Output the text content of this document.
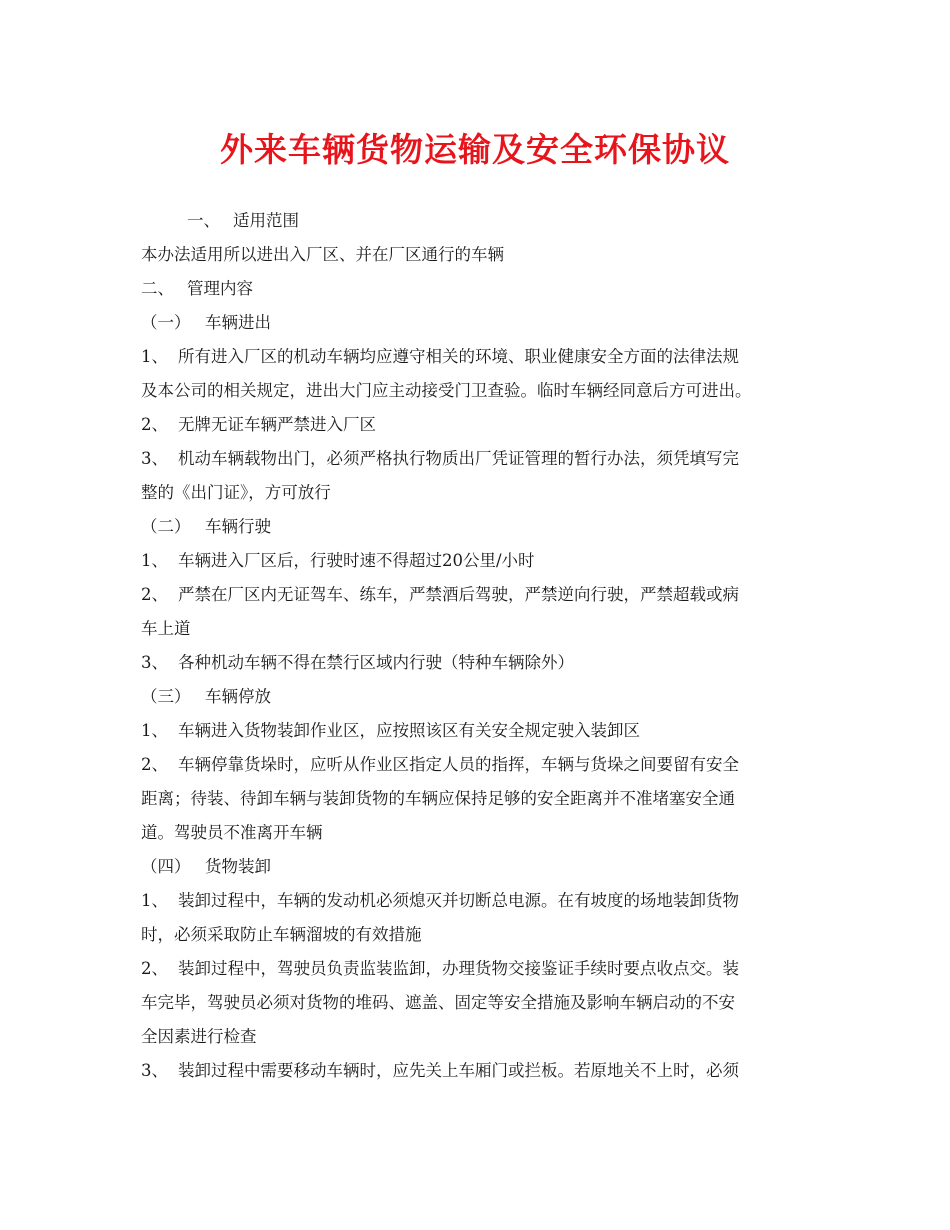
外来车辆货物运输及安全环保协议
一、 适用范围
本办法适用所以进出入厂区、并在厂区通行的车辆
二、 管理内容
（一） 车辆进出
1、 所有进入厂区的机动车辆均应遵守相关的环境、职业健康安全方面的法律法规
及本公司的相关规定，进出大门应主动接受门卫查验。临时车辆经同意后方可进出。
2、 无牌无证车辆严禁进入厂区
3、 机动车辆载物出门，必须严格执行物质出厂凭证管理的暂行办法，须凭填写完
整的《出门证》，方可放行
（二） 车辆行驶
1、 车辆进入厂区后，行驶时速不得超过20公里/小时
2、 严禁在厂区内无证驾车、练车，严禁酒后驾驶，严禁逆向行驶，严禁超载或病
车上道
3、 各种机动车辆不得在禁行区域内行驶（特种车辆除外）
（三） 车辆停放
1、 车辆进入货物装卸作业区，应按照该区有关安全规定驶入装卸区
2、 车辆停靠货垛时，应听从作业区指定人员的指挥，车辆与货垛之间要留有安全
距离；待装、待卸车辆与装卸货物的车辆应保持足够的安全距离并不准堵塞安全通
道。驾驶员不准离开车辆
（四） 货物装卸
1、 装卸过程中，车辆的发动机必须熄灭并切断总电源。在有坡度的场地装卸货物
时，必须采取防止车辆溜坡的有效措施
2、 装卸过程中，驾驶员负责监装监卸，办理货物交接鉴证手续时要点收点交。装
车完毕，驾驶员必须对货物的堆码、遮盖、固定等安全措施及影响车辆启动的不安
全因素进行检查
3、 装卸过程中需要移动车辆时，应先关上车厢门或拦板。若原地关不上时，必须
